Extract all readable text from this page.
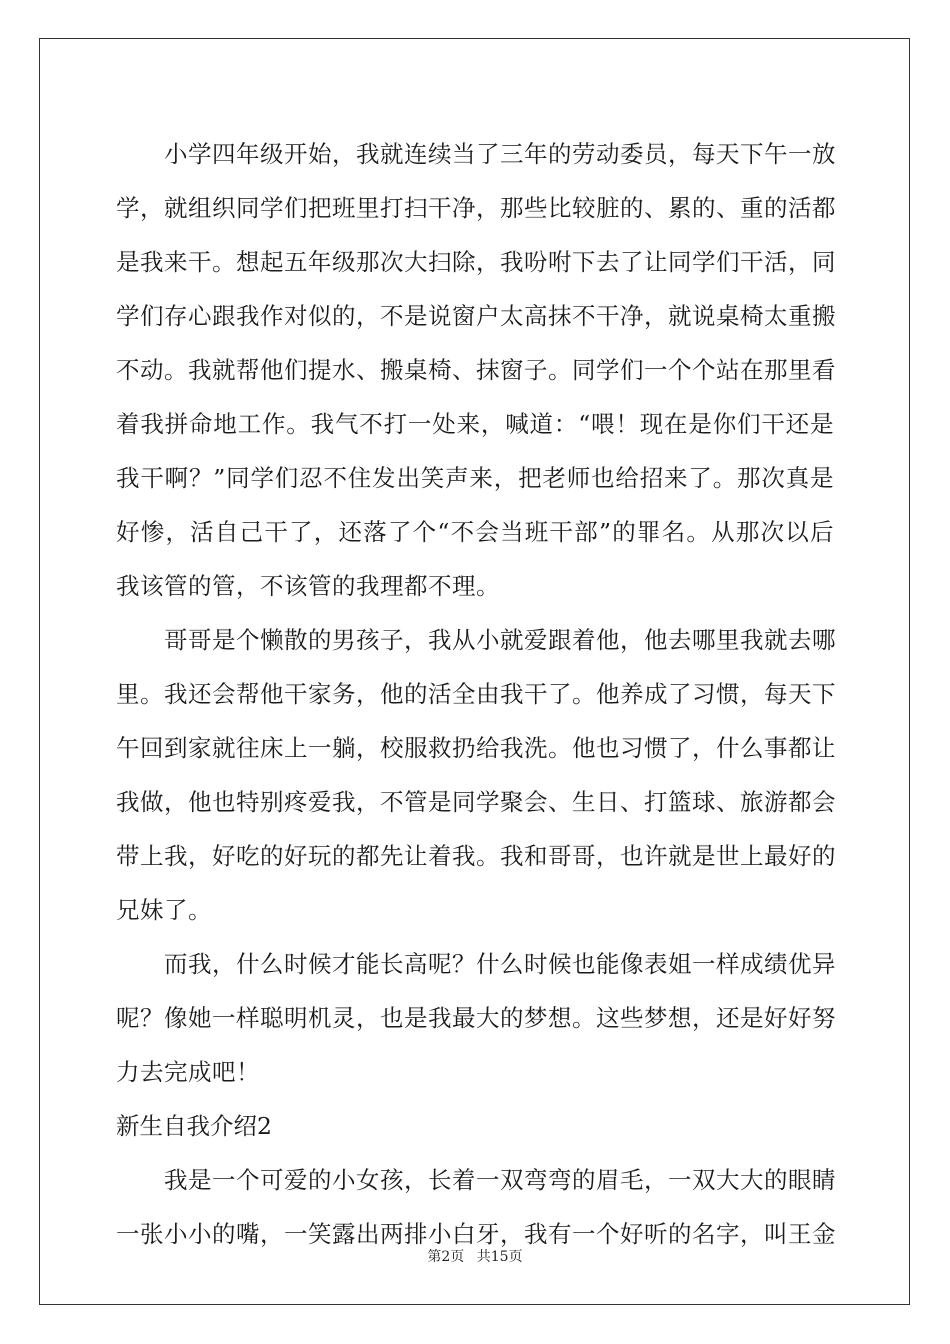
小学四年级开始，我就连续当了三年的劳动委员，每天下午一放
学，就组织同学们把班里打扫干净，那些比较脏的、累的、重的活都
是我来干。想起五年级那次大扫除，我吩咐下去了让同学们干活，同
学们存心跟我作对似的，不是说窗户太高抹不干净，就说桌椅太重搬
不动。我就帮他们提水、搬桌椅、抹窗子。同学们一个个站在那里看
着我拼命地工作。我气不打一处来，喊道：“喂！现在是你们干还是
我干啊？”同学们忍不住发出笑声来，把老师也给招来了。那次真是
好惨，活自己干了，还落了个“不会当班干部”的罪名。从那次以后
我该管的管，不该管的我理都不理。
哥哥是个懒散的男孩子，我从小就爱跟着他，他去哪里我就去哪
里。我还会帮他干家务，他的活全由我干了。他养成了习惯，每天下
午回到家就往床上一躺，校服救扔给我洗。他也习惯了，什么事都让
我做，他也特别疼爱我，不管是同学聚会、生日、打篮球、旅游都会
带上我，好吃的好玩的都先让着我。我和哥哥，也许就是世上最好的
兄妹了。
而我，什么时候才能长高呢？什么时候也能像表姐一样成绩优异
呢？像她一样聪明机灵，也是我最大的梦想。这些梦想，还是好好努
力去完成吧！
新生自我介绍2
我是一个可爱的小女孩，长着一双弯弯的眉毛，一双大大的眼睛
一张小小的嘴，一笑露出两排小白牙，我有一个好听的名字，叫王金
第2页 共15页
